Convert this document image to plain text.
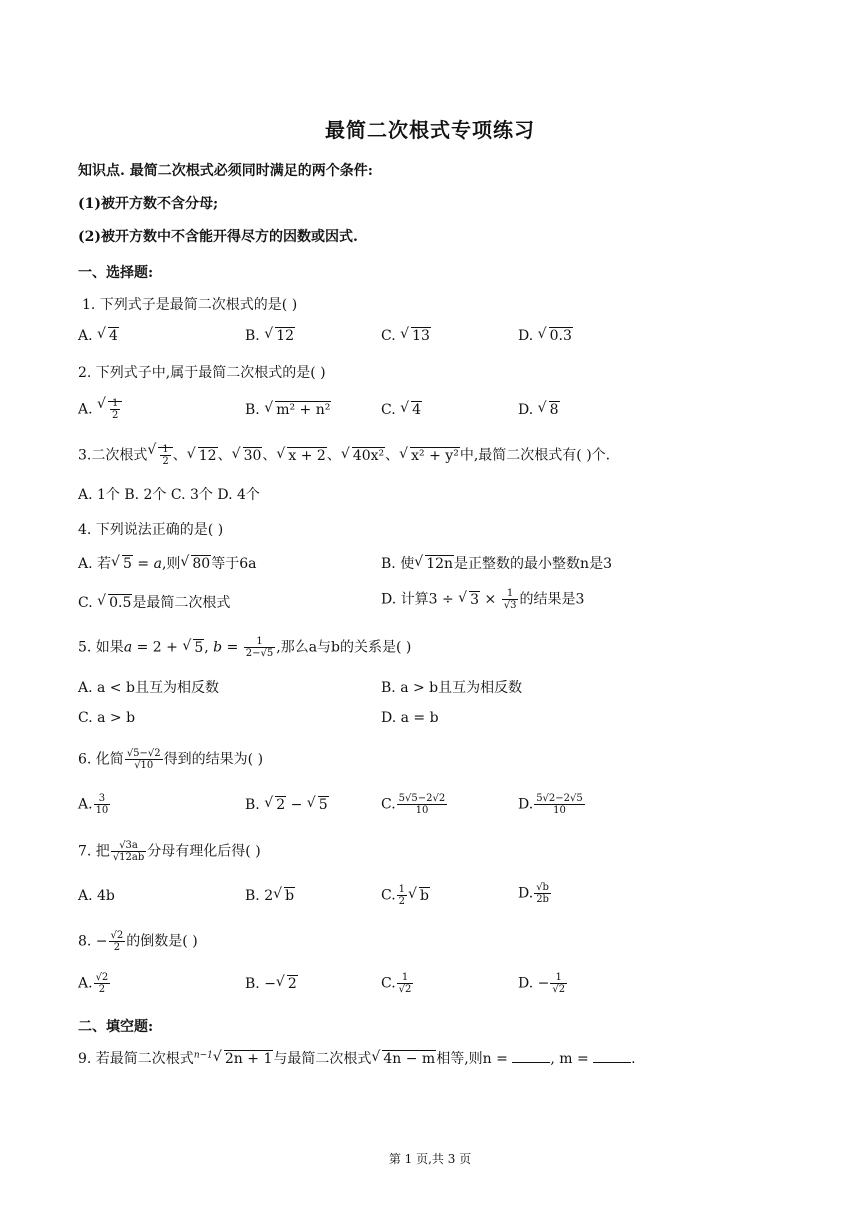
最简二次根式专项练习
知识点. 最简二次根式必须同时满足的两个条件:
(1)被开方数不含分母;
(2)被开方数中不含能开得尽方的因数或因式.
一、选择题:
1. 下列式子是最简二次根式的是( )
A. √ 4	B. √ 12	C. √ 13	D. √ 0.3
2. 下列式子中,属于最简二次根式的是( )
A. √ $\frac{1}{2}$	B. √ m² + n²	C. √ 4	D. √ 8
3.二次根式 √ $\frac{1}{2}$ 、 √ 12、 √ 30、 √ x + 2、 √ 40x²、 √ x² + y²中,最简二次根式有( )个.
A. 1个 B. 2个 C. 3个 D. 4个
4. 下列说法正确的是( )
A. 若 √ 5 = a,则 √ 80等于6a	B. 使 √ 12n是正整数的最小整数n是3
C. √ 0.5是最简二次根式	D. 计算3 ÷ √ $3 \times \frac{1}{√3}$ 的结果是3
5. 如果a = 2 + √ 5, $b = \frac{1}{2-√5}$ ,那么a与b的关系是( )
A. a < b且互为相反数	B. a > b且互为相反数
C. a > b	D. a = b
6. 化简 $\frac{√5-√2}{√10}$ 得到的结果为( )
A. $\frac{3}{10}$	B. √ 2 − √ 5	C. $\frac{5√5-2√2}{10}$	D. $\frac{5√2-2√5}{10}$
7. 把 $\frac{√3a}{√12ab}$ 分母有理化后得( )
A. 4b	B. 2 √ b	C. $\frac{1}{2}$ √ b	D. $\frac{√b}{2b}$
8. − $\frac{√2}{2}$ 的倒数是( )
A. $\frac{√2}{2}$	B. − √ 2	C. $\frac{1}{√2}$	D. − $\frac{1}{√2}$
二、填空题:
9. 若最简二次根式$^{n-1}$ √ 2n + 1与最简二次根式 √ 4n − m相等,则n =	, m =	.
第 1 页,共 3 页
